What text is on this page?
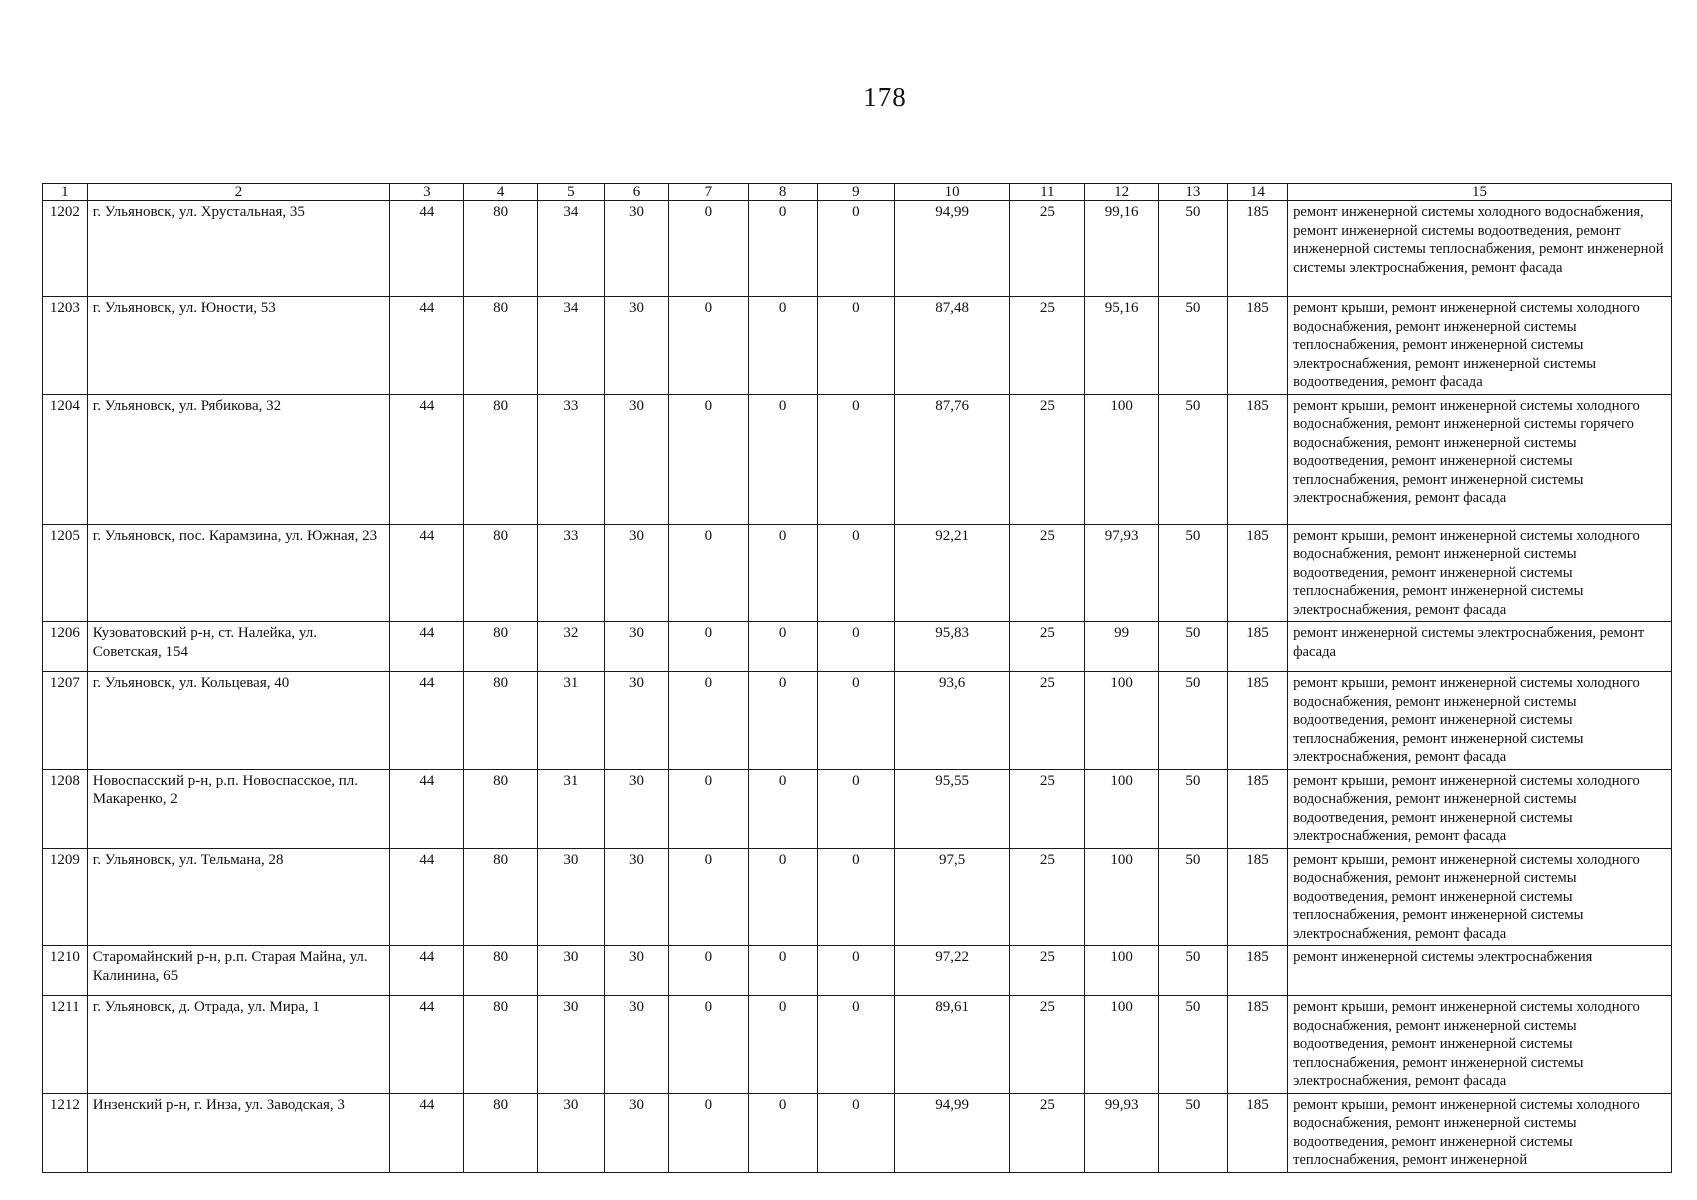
178
1	2	3	4	5	6	7	8	9	10	11	12	13	14	15
1202	г. Ульяновск, ул. Хрустальная, 35	44	80	34	30	0	0	0	94,99	25	99,16	50	185	ремонт инженерной системы холодного водоснабжения, ремонт инженерной системы водоотведения, ремонт инженерной системы теплоснабжения, ремонт инженерной системы электроснабжения, ремонт фасада
1203	г. Ульяновск, ул. Юности, 53	44	80	34	30	0	0	0	87,48	25	95,16	50	185	ремонт крыши, ремонт инженерной системы холодного водоснабжения, ремонт инженерной системы теплоснабжения, ремонт инженерной системы электроснабжения, ремонт инженерной системы водоотведения, ремонт фасада
1204	г. Ульяновск, ул. Рябикова, 32	44	80	33	30	0	0	0	87,76	25	100	50	185	ремонт крыши, ремонт инженерной системы холодного водоснабжения, ремонт инженерной системы горячего водоснабжения, ремонт инженерной системы водоотведения, ремонт инженерной системы теплоснабжения, ремонт инженерной системы электроснабжения, ремонт фасада
1205	г. Ульяновск, пос. Карамзина, ул. Южная, 23	44	80	33	30	0	0	0	92,21	25	97,93	50	185	ремонт крыши, ремонт инженерной системы холодного водоснабжения, ремонт инженерной системы водоотведения, ремонт инженерной системы теплоснабжения, ремонт инженерной системы электроснабжения, ремонт фасада
1206	Кузоватовский р-н, ст. Налейка, ул. Советская, 154	44	80	32	30	0	0	0	95,83	25	99	50	185	ремонт инженерной системы электроснабжения, ремонт фасада
1207	г. Ульяновск, ул. Кольцевая, 40	44	80	31	30	0	0	0	93,6	25	100	50	185	ремонт крыши, ремонт инженерной системы холодного водоснабжения, ремонт инженерной системы водоотведения, ремонт инженерной системы теплоснабжения, ремонт инженерной системы электроснабжения, ремонт фасада
1208	Новоспасский р-н, р.п. Новоспасское, пл. Макаренко, 2	44	80	31	30	0	0	0	95,55	25	100	50	185	ремонт крыши, ремонт инженерной системы холодного водоснабжения, ремонт инженерной системы водоотведения, ремонт инженерной системы электроснабжения, ремонт фасада
1209	г. Ульяновск, ул. Тельмана, 28	44	80	30	30	0	0	0	97,5	25	100	50	185	ремонт крыши, ремонт инженерной системы холодного водоснабжения, ремонт инженерной системы водоотведения, ремонт инженерной системы теплоснабжения, ремонт инженерной системы электроснабжения, ремонт фасада
1210	Старомайнский р-н, р.п. Старая Майна, ул. Калинина, 65	44	80	30	30	0	0	0	97,22	25	100	50	185	ремонт инженерной системы электроснабжения
1211	г. Ульяновск, д. Отрада, ул. Мира, 1	44	80	30	30	0	0	0	89,61	25	100	50	185	ремонт крыши, ремонт инженерной системы холодного водоснабжения, ремонт инженерной системы водоотведения, ремонт инженерной системы теплоснабжения, ремонт инженерной системы электроснабжения, ремонт фасада
1212	Инзенский р-н, г. Инза, ул. Заводская, 3	44	80	30	30	0	0	0	94,99	25	99,93	50	185	ремонт крыши, ремонт инженерной системы холодного водоснабжения, ремонт инженерной системы водоотведения, ремонт инженерной системы теплоснабжения, ремонт инженерной
